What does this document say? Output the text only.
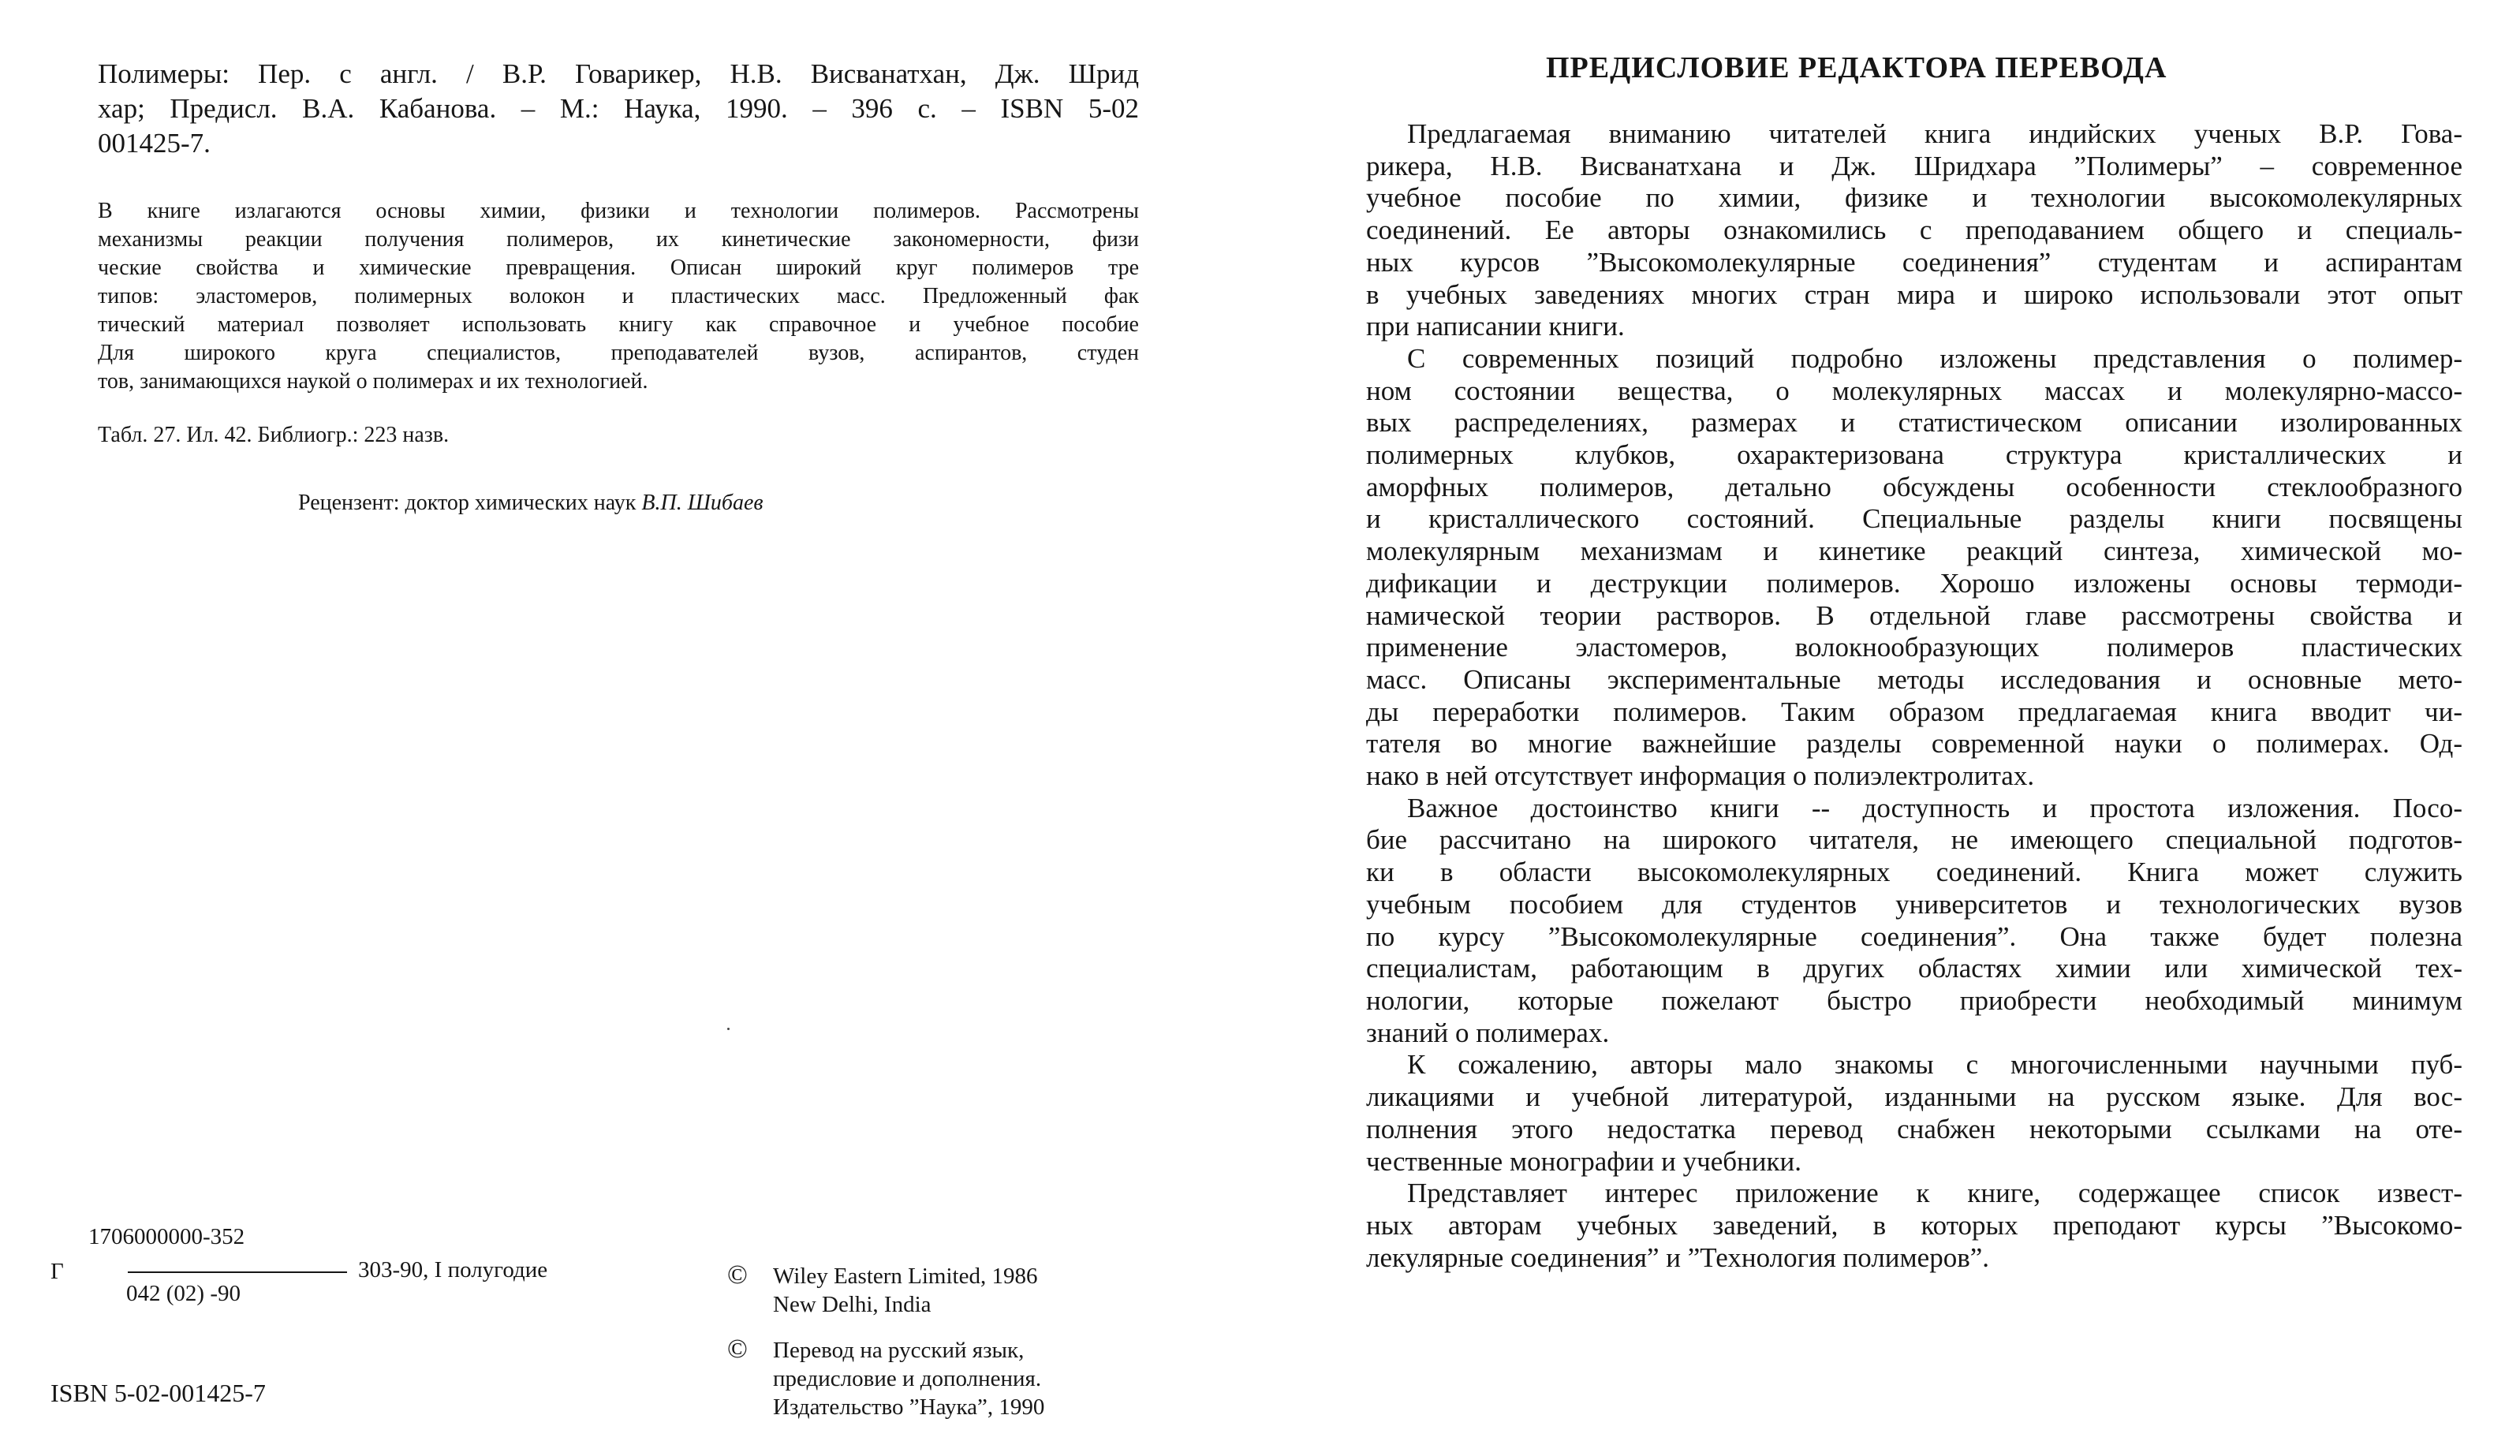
Полимеры: Пер. с англ. / В.Р. Говарикер, Н.В. Висванатхан, Дж. Шрид
хар; Предисл. В.А. Кабанова. – М.: Наука, 1990. – 396 с. – ISBN 5-02
001425-7.
В книге излагаются основы химии, физики и технологии полимеров. Рассмотрены
механизмы реакции получения полимеров, их кинетические закономерности, физи
ческие свойства и химические превращения. Описан широкий круг полимеров тре
типов: эластомеров, полимерных волокон и пластических масс. Предложенный фак
тический материал позволяет использовать книгу как справочное и учебное пособие
Для широкого круга специалистов, преподавателей вузов, аспирантов, студен
тов, занимающихся наукой о полимерах и их технологией.
Табл. 27. Ил. 42. Библиогр.: 223 назв.
Рецензент: доктор химических наук В.П. Шибаев
Г
1706000000-352
042 (02) -90
303-90, I полугодие
ISBN 5-02-001425-7
©	Wiley Eastern Limited, 1986
New Delhi, India
©	Перевод на русский язык,
предисловие и дополнения.
Издательство ”Наука”, 1990
ПРЕДИСЛОВИЕ РЕДАКТОРА ПЕРЕВОДА
Предлагаемая вниманию читателей книга индийских ученых В.Р. Гова-
рикера, Н.В. Висванатхана и Дж. Шридхара ”Полимеры” – современное
учебное пособие по химии, физике и технологии высокомолекулярных
соединений. Ее авторы ознакомились с преподаванием общего и специаль-
ных курсов ”Высокомолекулярные соединения” студентам и аспирантам
в учебных заведениях многих стран мира и широко использовали этот опыт
при написании книги.
С современных позиций подробно изложены представления о полимер-
ном состоянии вещества, о молекулярных массах и молекулярно-массо-
вых распределениях, размерах и статистическом описании изолированных
полимерных клубков, охарактеризована структура кристаллических и
аморфных полимеров, детально обсуждены особенности стеклообразного
и кристаллического состояний. Специальные разделы книги посвящены
молекулярным механизмам и кинетике реакций синтеза, химической мо-
дификации и деструкции полимеров. Хорошо изложены основы термоди-
намической теории растворов. В отдельной главе рассмотрены свойства и
применение эластомеров, волокнообразующих полимеров пластических
масс. Описаны экспериментальные методы исследования и основные мето-
ды переработки полимеров. Таким образом предлагаемая книга вводит чи-
тателя во многие важнейшие разделы современной науки о полимерах. Од-
нако в ней отсутствует информация о полиэлектролитах.
Важное достоинство книги -- доступность и простота изложения. Посо-
бие рассчитано на широкого читателя, не имеющего специальной подготов-
ки в области высокомолекулярных соединений. Книга может служить
учебным пособием для студентов университетов и технологических вузов
по курсу ”Высокомолекулярные соединения”. Она также будет полезна
специалистам, работающим в других областях химии или химической тех-
нологии, которые пожелают быстро приобрести необходимый минимум
знаний о полимерах.
К сожалению, авторы мало знакомы с многочисленными научными пуб-
ликациями и учебной литературой, изданными на русском языке. Для вос-
полнения этого недостатка перевод снабжен некоторыми ссылками на оте-
чественные монографии и учебники.
Представляет интерес приложение к книге, содержащее список извест-
ных авторам учебных заведений, в которых преподают курсы ”Высокомо-
лекулярные соединения” и ”Технология полимеров”.
